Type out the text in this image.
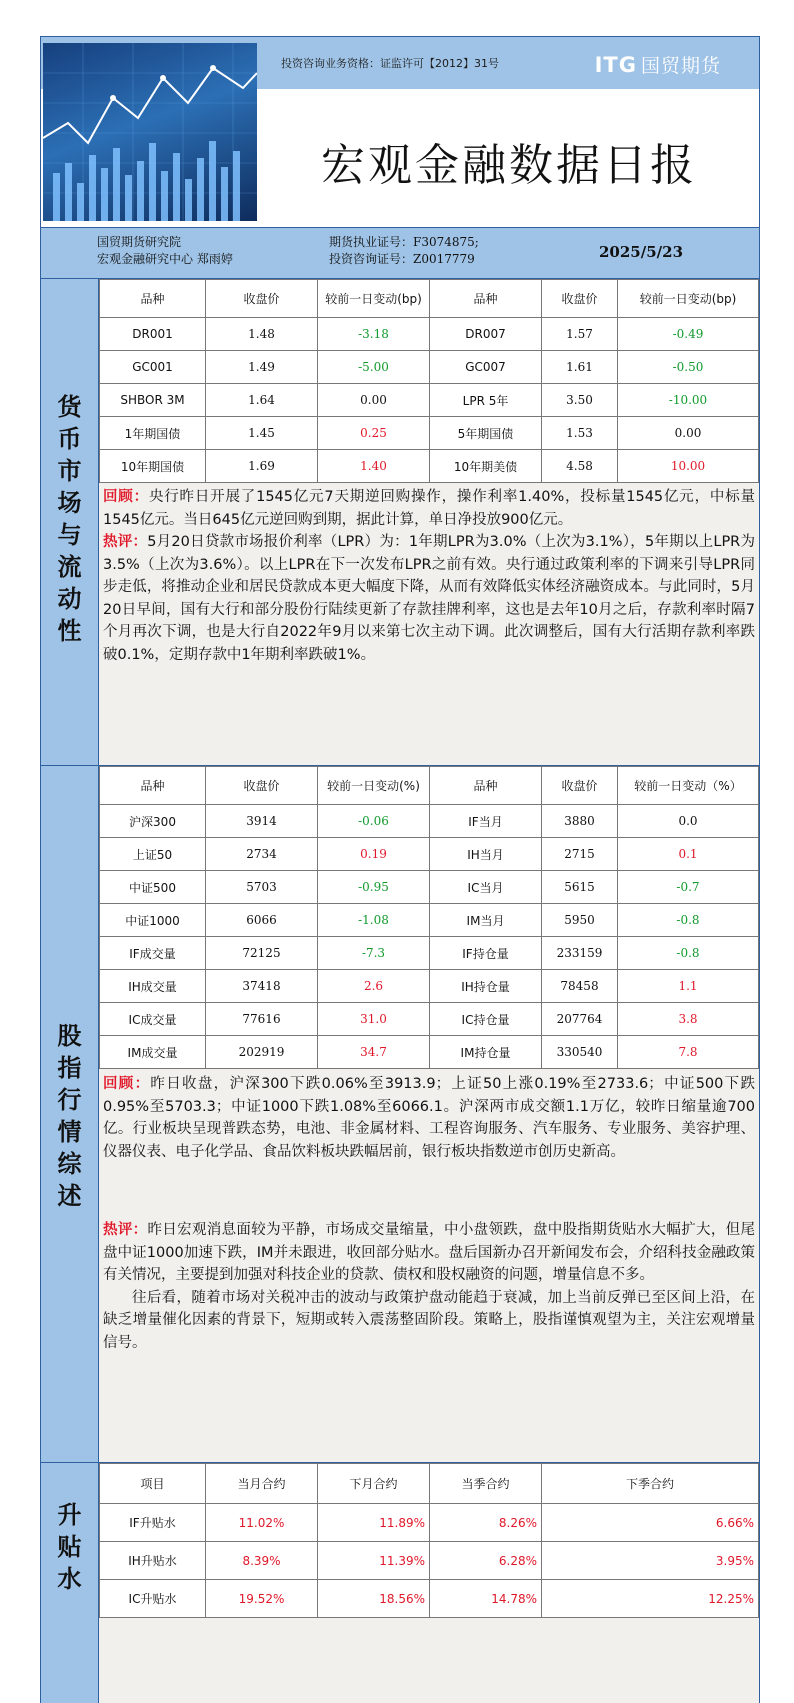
投资咨询业务资格：证监许可【2012】31号	ITG 国贸期货
宏观金融数据日报
国贸期货研究院
宏观金融研究中心 郑雨婷
期货执业证号：F3074875;
投资咨询证号：Z0017779	2025/5/23
货
币
市
场
与
流
动
性
品种	收盘价	较前一日变动(bp)	品种	收盘价	较前一日变动(bp)
DR001	1.48	-3.18	DR007	1.57	-0.49
GC001	1.49	-5.00	GC007	1.61	-0.50
SHBOR 3M	1.64	0.00	LPR 5年	3.50	-10.00
1年期国债	1.45	0.25	5年期国债	1.53	0.00
10年期国债	1.69	1.40	10年期美债	4.58	10.00

回顾：央行昨日开展了1545亿元7天期逆回购操作，操作利率1.40%，投标量1545亿元，中标量1545亿元。当日645亿元逆回购到期，据此计算，单日净投放900亿元。

热评：5月20日贷款市场报价利率（LPR）为：1年期LPR为3.0%（上次为3.1%），5年期以上LPR为3.5%（上次为3.6%）。以上LPR在下一次发布LPR之前有效。央行通过政策利率的下调来引导LPR同步走低，将推动企业和居民贷款成本更大幅度下降，从而有效降低实体经济融资成本。与此同时，5月20日早间，国有大行和部分股份行陆续更新了存款挂牌利率，这也是去年10月之后，存款利率时隔7个月再次下调，也是大行自2022年9月以来第七次主动下调。此次调整后，国有大行活期存款利率跌破0.1%，定期存款中1年期利率跌破1%。

股
指
行
情
综
述
品种	收盘价	较前一日变动(%)	品种	收盘价	较前一日变动（%）
沪深300	3914	-0.06	IF当月	3880	0.0
上证50	2734	0.19	IH当月	2715	0.1
中证500	5703	-0.95	IC当月	5615	-0.7
中证1000	6066	-1.08	IM当月	5950	-0.8
IF成交量	72125	-7.3	IF持仓量	233159	-0.8
IH成交量	37418	2.6	IH持仓量	78458	1.1
IC成交量	77616	31.0	IC持仓量	207764	3.8
IM成交量	202919	34.7	IM持仓量	330540	7.8

回顾：昨日收盘，沪深300下跌0.06%至3913.9；上证50上涨0.19%至2733.6；中证500下跌0.95%至5703.3；中证1000下跌1.08%至6066.1。沪深两市成交额1.1万亿，较昨日缩量逾700亿。行业板块呈现普跌态势，电池、非金属材料、工程咨询服务、汽车服务、专业服务、美容护理、仪器仪表、电子化学品、食品饮料板块跌幅居前，银行板块指数逆市创历史新高。

热评：昨日宏观消息面较为平静，市场成交量缩量，中小盘领跌，盘中股指期货贴水大幅扩大，但尾盘中证1000加速下跌，IM并未跟进，收回部分贴水。盘后国新办召开新闻发布会，介绍科技金融政策有关情况，主要提到加强对科技企业的贷款、债权和股权融资的问题，增量信息不多。

往后看，随着市场对关税冲击的波动与政策护盘动能趋于衰减，加上当前反弹已至区间上沿，在缺乏增量催化因素的背景下，短期或转入震荡整固阶段。策略上，股指谨慎观望为主，关注宏观增量信号。

升
贴
水
项目	当月合约	下月合约	当季合约	下季合约
IF升贴水	11.02%	11.89%	8.26%	6.66%
IH升贴水	8.39%	11.39%	6.28%	3.95%
IC升贴水	19.52%	18.56%	14.78%	12.25%
